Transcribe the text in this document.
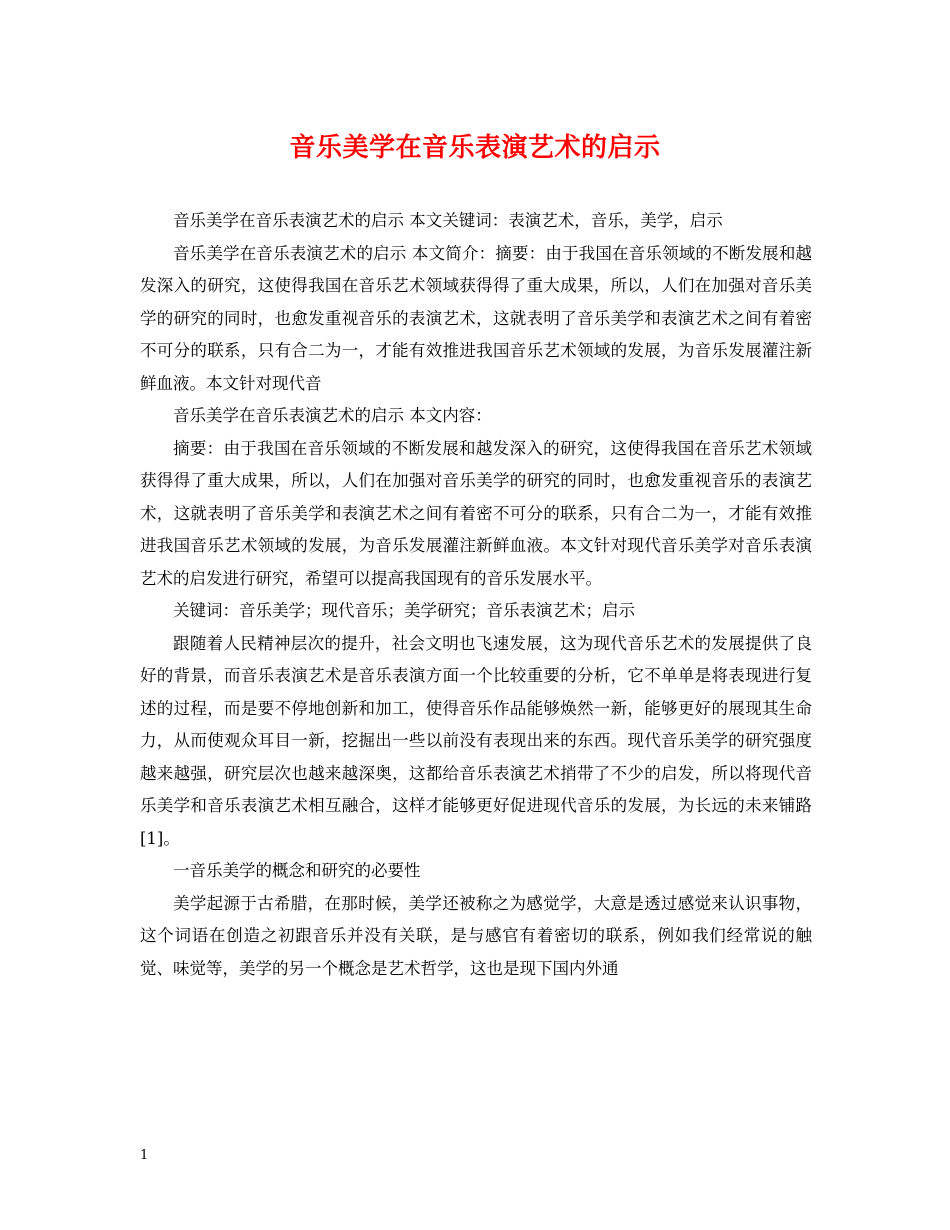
音乐美学在音乐表演艺术的启示

音乐美学在音乐表演艺术的启示 本文关键词：表演艺术，音乐，美学，启示

音乐美学在音乐表演艺术的启示 本文简介：摘要：由于我国在音乐领域的不断发展和越发深入的研究，这使得我国在音乐艺术领域获得得了重大成果，所以，人们在加强对音乐美学的研究的同时，也愈发重视音乐的表演艺术，这就表明了音乐美学和表演艺术之间有着密不可分的联系，只有合二为一，才能有效推进我国音乐艺术领域的发展，为音乐发展灌注新鲜血液。本文针对现代音

音乐美学在音乐表演艺术的启示 本文内容：

摘要：由于我国在音乐领域的不断发展和越发深入的研究，这使得我国在音乐艺术领域获得得了重大成果，所以，人们在加强对音乐美学的研究的同时，也愈发重视音乐的表演艺术，这就表明了音乐美学和表演艺术之间有着密不可分的联系，只有合二为一，才能有效推进我国音乐艺术领域的发展，为音乐发展灌注新鲜血液。本文针对现代音乐美学对音乐表演艺术的启发进行研究，希望可以提高我国现有的音乐发展水平。

关键词：音乐美学；现代音乐；美学研究；音乐表演艺术；启示

跟随着人民精神层次的提升，社会文明也飞速发展，这为现代音乐艺术的发展提供了良好的背景，而音乐表演艺术是音乐表演方面一个比较重要的分析，它不单单是将表现进行复述的过程，而是要不停地创新和加工，使得音乐作品能够焕然一新，能够更好的展现其生命力，从而使观众耳目一新，挖掘出一些以前没有表现出来的东西。现代音乐美学的研究强度越来越强，研究层次也越来越深奥，这都给音乐表演艺术捎带了不少的启发，所以将现代音乐美学和音乐表演艺术相互融合，这样才能够更好促进现代音乐的发展，为长远的未来铺路[1]。

一音乐美学的概念和研究的必要性

美学起源于古希腊，在那时候，美学还被称之为感觉学，大意是透过感觉来认识事物，这个词语在创造之初跟音乐并没有关联，是与感官有着密切的联系，例如我们经常说的触觉、味觉等，美学的另一个概念是艺术哲学，这也是现下国内外通

1
